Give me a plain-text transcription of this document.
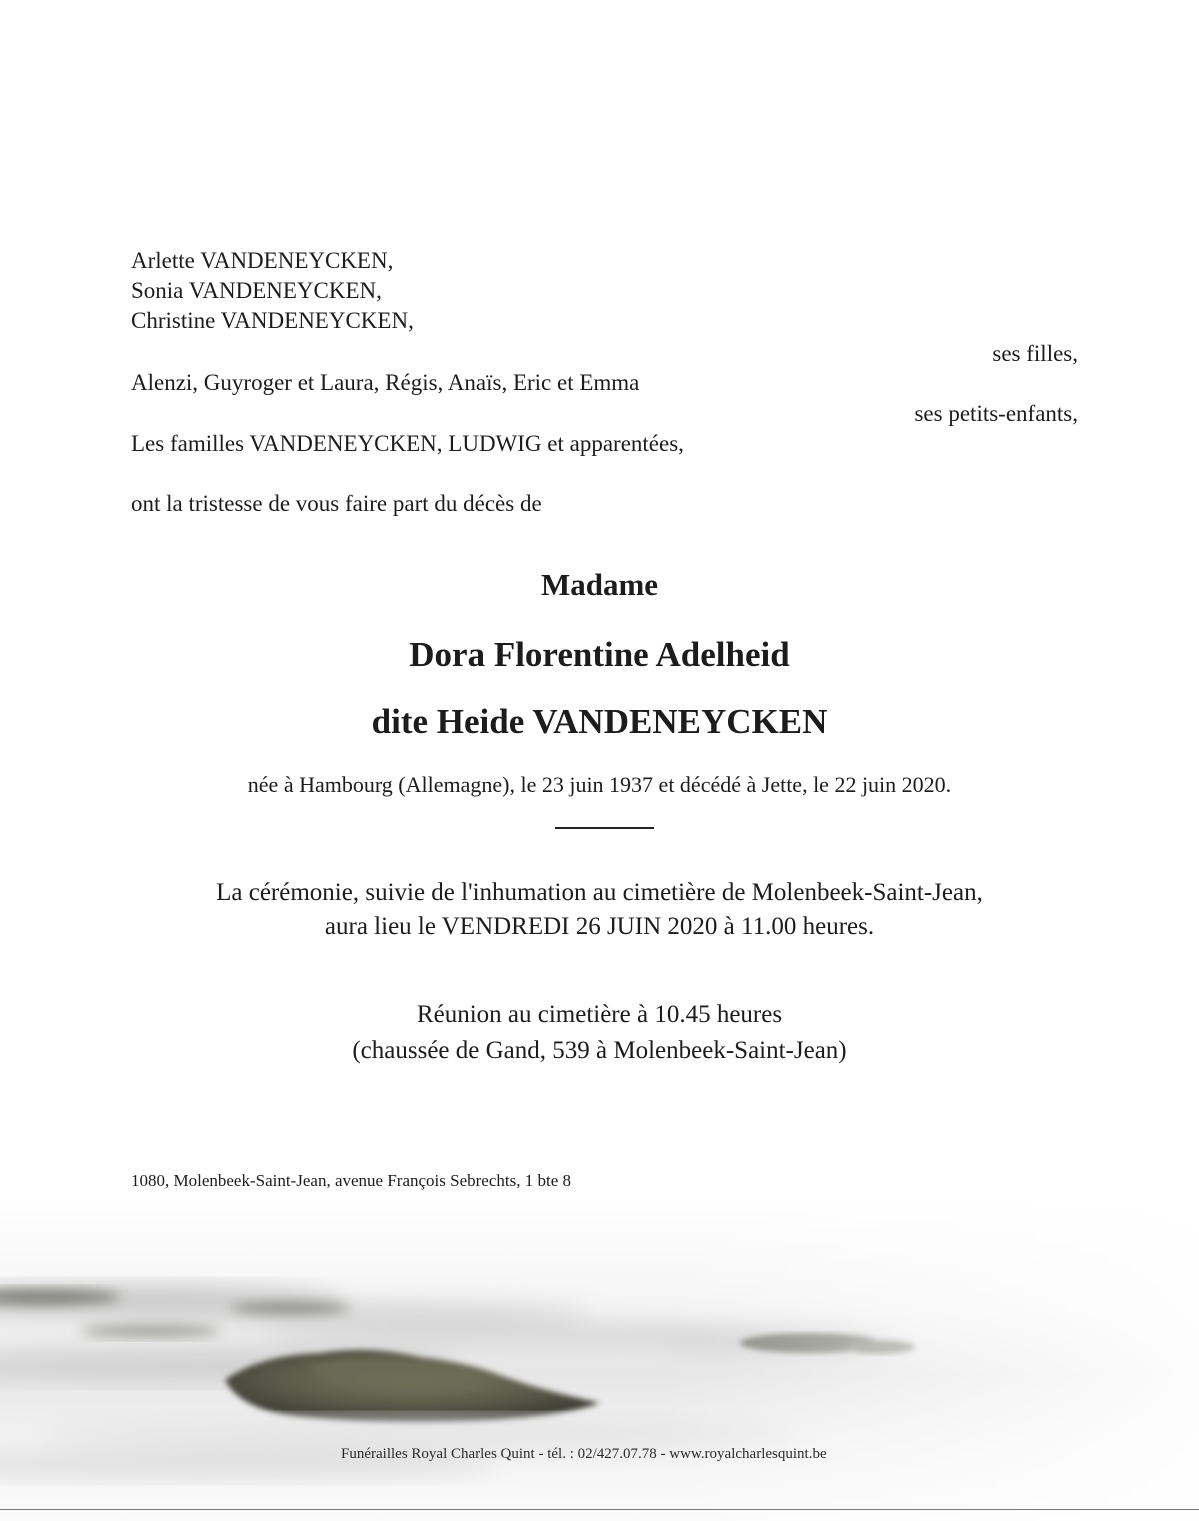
Arlette VANDENEYCKEN,
Sonia VANDENEYCKEN,
Christine VANDENEYCKEN,
ses filles,
Alenzi, Guyroger et Laura, Régis, Anaïs, Eric et Emma
ses petits-enfants,
Les familles VANDENEYCKEN, LUDWIG et apparentées,
ont la tristesse de vous faire part du décès de
Madame
Dora Florentine Adelheid
dite Heide VANDENEYCKEN
née à Hambourg (Allemagne), le 23 juin 1937 et décédé à Jette, le 22 juin 2020.
La cérémonie, suivie de l'inhumation au cimetière de Molenbeek-Saint-Jean,
aura lieu le VENDREDI 26 JUIN 2020 à 11.00 heures.
Réunion au cimetière à 10.45 heures
(chaussée de Gand, 539 à Molenbeek-Saint-Jean)
1080, Molenbeek-Saint-Jean, avenue François Sebrechts, 1 bte 8
Funérailles Royal Charles Quint - tél. : 02/427.07.78 - www.royalcharlesquint.be
